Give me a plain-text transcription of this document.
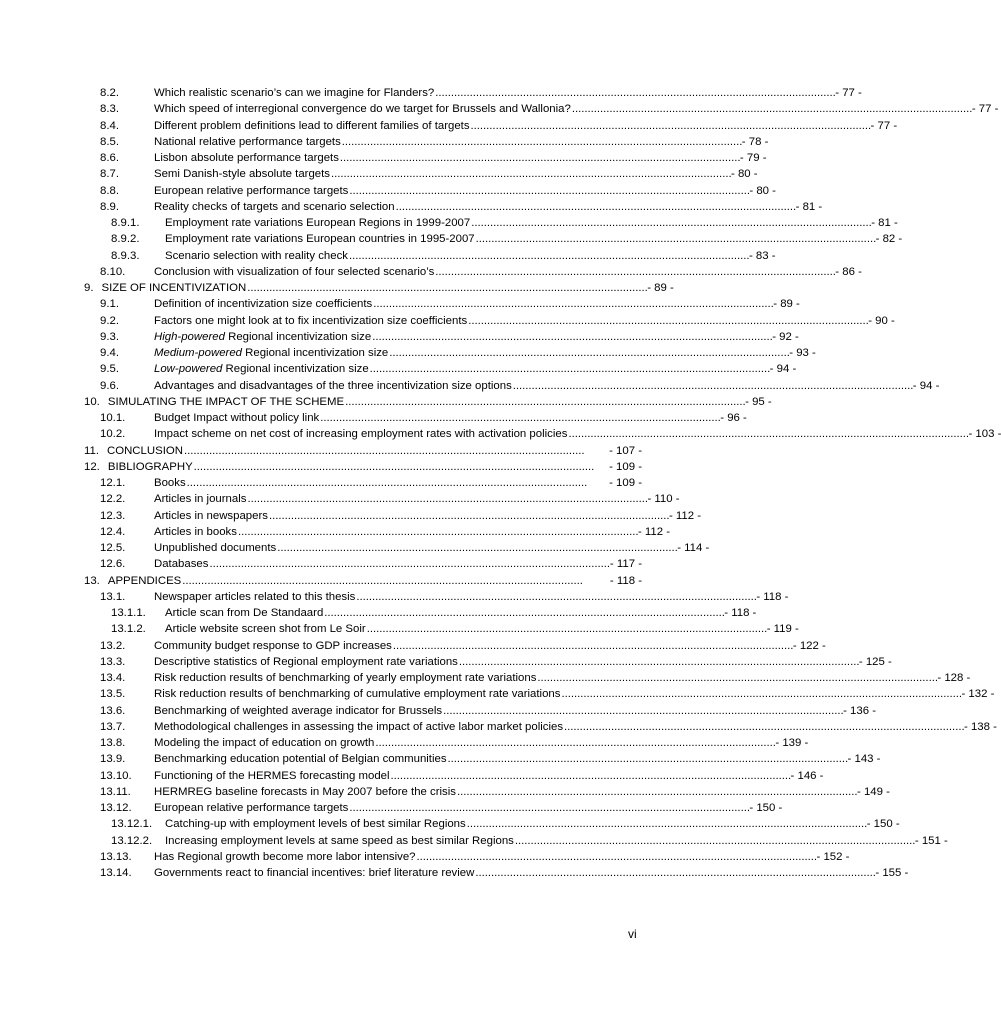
8.2.	Which realistic scenario’s can we imagine for Flanders? . . .	- 77 -
8.3.	Which speed of interregional convergence do we target for Brussels and Wallonia? . . .	- 77 -
8.4.	Different problem definitions lead to different families of targets . . .	- 77 -
8.5.	National relative performance targets . . .	- 78 -
8.6.	Lisbon absolute performance targets . . .	- 79 -
8.7.	Semi Danish-style absolute targets . . .	- 80 -
8.8.	European relative performance targets . . .	- 80 -
8.9.	Reality checks of targets and scenario selection . . .	- 81 -
8.9.1.	Employment rate variations European Regions in 1999-2007 . . .	- 81 -
8.9.2.	Employment rate variations European countries in 1995-2007 . . .	- 82 -
8.9.3.	Scenario selection with reality check . . .	- 83 -
8.10.	Conclusion with visualization of four selected scenario’s . . .	- 86 -
9. SIZE OF INCENTIVIZATION . . .	- 89 -
9.1.	Definition of incentivization size coefficients . . .	- 89 -
9.2.	Factors one might look at to fix incentivization size coefficients . . .	- 90 -
9.3.	High-powered Regional incentivization size . . .	- 92 -
9.4.	Medium-powered Regional incentivization size . . .	- 93 -
9.5.	Low-powered Regional incentivization size . . .	- 94 -
9.6.	Advantages and disadvantages of the three incentivization size options . . .	- 94 -
10. SIMULATING THE IMPACT OF THE SCHEME . . .	- 95 -
10.1.	Budget Impact without policy link . . .	- 96 -
10.2.	Impact scheme on net cost of increasing employment rates with activation policies . . .	- 103 -
11. CONCLUSION . . .	- 107 -
12. BIBLIOGRAPHY . . .	- 109 -
12.1.	Books . . .	- 109 -
12.2.	Articles in journals . . .	- 110 -
12.3.	Articles in newspapers . . .	- 112 -
12.4.	Articles in books . . .	- 112 -
12.5.	Unpublished documents . . .	- 114 -
12.6.	Databases . . .	- 117 -
13. APPENDICES . . .	- 118 -
13.1.	Newspaper articles related to this thesis . . .	- 118 -
13.1.1.	Article scan from De Standaard . . .	- 118 -
13.1.2.	Article website screen shot from Le Soir . . .	- 119 -
13.2.	Community budget response to GDP increases . . .	- 122 -
13.3.	Descriptive statistics of Regional employment rate variations . . .	- 125 -
13.4.	Risk reduction results of benchmarking of yearly employment rate variations . . .	- 128 -
13.5.	Risk reduction results of benchmarking of cumulative employment rate variations . . .	- 132 -
13.6.	Benchmarking of weighted average indicator for Brussels . . .	- 136 -
13.7.	Methodological challenges in assessing the impact of active labor market policies . . .	- 138 -
13.8.	Modeling the impact of education on growth . . .	- 139 -
13.9.	Benchmarking education potential of Belgian communities . . .	- 143 -
13.10.	Functioning of the HERMES forecasting model . . .	- 146 -
13.11.	HERMREG baseline forecasts in May 2007 before the crisis . . .	- 149 -
13.12.	European relative performance targets . . .	- 150 -
13.12.1.	Catching-up with employment levels of best similar Regions . . .	- 150 -
13.12.2.	Increasing employment levels at same speed as best similar Regions . . .	- 151 -
13.13.	Has Regional growth become more labor intensive? . . .	- 152 -
13.14.	Governments react to financial incentives: brief literature review . . .	- 155 -
vi
